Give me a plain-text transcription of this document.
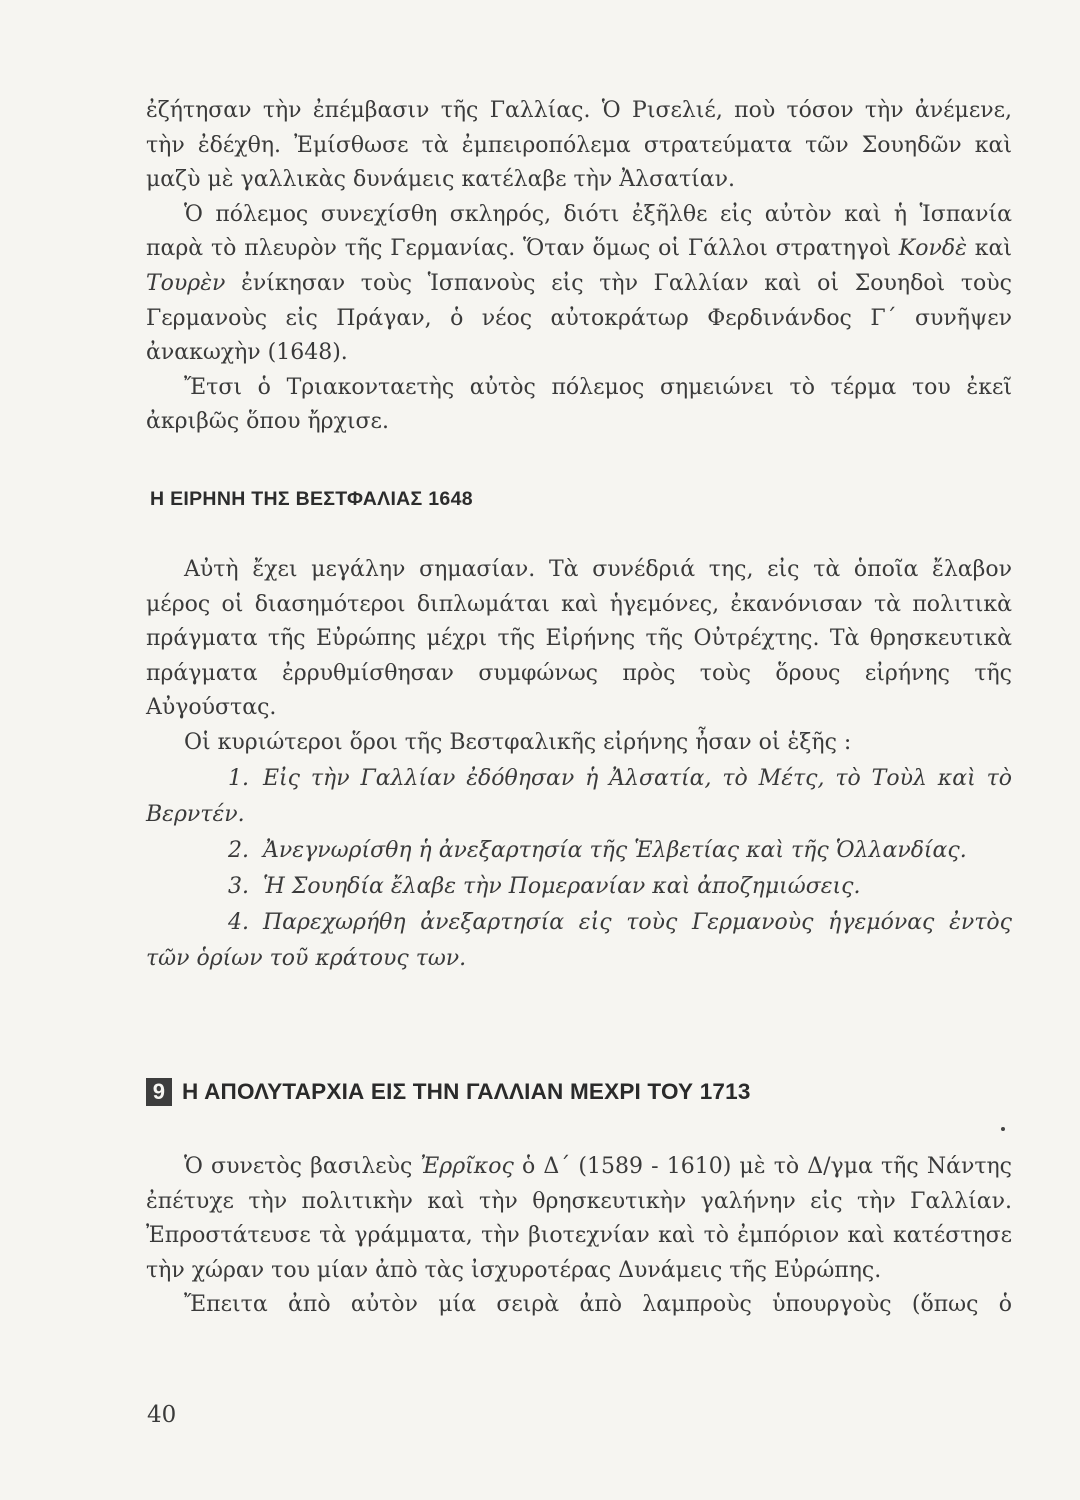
ἐζήτησαν τὴν ἐπέμβασιν τῆς Γαλλίας. Ὁ Ρισελιέ, ποὺ τόσον τὴν ἀνέμενε, τὴν ἐδέχθη. Ἐμίσθωσε τὰ ἐμπειροπόλεμα στρατεύματα τῶν Σουηδῶν καὶ μαζὺ μὲ γαλλικὰς δυνάμεις κατέλαβε τὴν Ἀλσατίαν.

Ὁ πόλεμος συνεχίσθη σκληρός, διότι ἐξῆλθε εἰς αὐτὸν καὶ ἡ Ἱσπανία παρὰ τὸ πλευρὸν τῆς Γερμανίας. Ὅταν ὅμως οἱ Γάλλοι στρατηγοὶ Κονδὲ καὶ Τουρὲν ἐνίκησαν τοὺς Ἱσπανοὺς εἰς τὴν Γαλλίαν καὶ οἱ Σουηδοὶ τοὺς Γερμανοὺς εἰς Πράγαν, ὁ νέος αὐτοκράτωρ Φερδινάνδος Γ΄ συνῆψεν ἀνακωχὴν (1648).

Ἔτσι ὁ Τριακονταετὴς αὐτὸς πόλεμος σημειώνει τὸ τέρμα του ἐκεῖ ἀκριβῶς ὅπου ἤρχισε.

Η ΕΙΡΗΝΗ ΤΗΣ ΒΕΣΤΦΑΛΙΑΣ 1648

Αὐτὴ ἔχει μεγάλην σημασίαν. Τὰ συνέδριά της, εἰς τὰ ὁποῖα ἔλαβον μέρος οἱ διασημότεροι διπλωμάται καὶ ἡγεμόνες, ἐκανόνισαν τὰ πολιτικὰ πράγματα τῆς Εὐρώπης μέχρι τῆς Εἰρήνης τῆς Οὐτρέχτης. Τὰ θρησκευτικὰ πράγματα ἐρρυθμίσθησαν συμφώνως πρὸς τοὺς ὅρους εἰρήνης τῆς Αὐγούστας.

Οἱ κυριώτεροι ὅροι τῆς Βεστφαλικῆς εἰρήνης ἦσαν οἱ ἑξῆς :

1. Εἰς τὴν Γαλλίαν ἐδόθησαν ἡ Ἀλσατία, τὸ Μέτς, τὸ Τοὺλ καὶ τὸ Βερντέν.
2. Ἀνεγνωρίσθη ἡ ἀνεξαρτησία τῆς Ἑλβετίας καὶ τῆς Ὁλλανδίας.
3. Ἡ Σουηδία ἔλαβε τὴν Πομερανίαν καὶ ἀποζημιώσεις.
4. Παρεχωρήθη ἀνεξαρτησία εἰς τοὺς Γερμανοὺς ἡγεμόνας ἐντὸς τῶν ὁρίων τοῦ κράτους των.
9 Η ΑΠΟΛΥΤΑΡΧΙΑ ΕΙΣ ΤΗΝ ΓΑΛΛΙΑΝ ΜΕΧΡΙ ΤΟΥ 1713

Ὁ συνετὸς βασιλεὺς Ἐρρῖκος ὁ Δ΄ (1589 - 1610) μὲ τὸ Δ/γμα τῆς Νάντης ἐπέτυχε τὴν πολιτικὴν καὶ τὴν θρησκευτικὴν γαλήνην εἰς τὴν Γαλλίαν. Ἐπροστάτευσε τὰ γράμματα, τὴν βιοτεχνίαν καὶ τὸ ἐμπόριον καὶ κατέστησε τὴν χώραν του μίαν ἀπὸ τὰς ἰσχυροτέρας Δυνάμεις τῆς Εὐρώπης.

Ἔπειτα ἀπὸ αὐτὸν μία σειρὰ ἀπὸ λαμπροὺς ὑπουργοὺς (ὅπως ὁ

40
